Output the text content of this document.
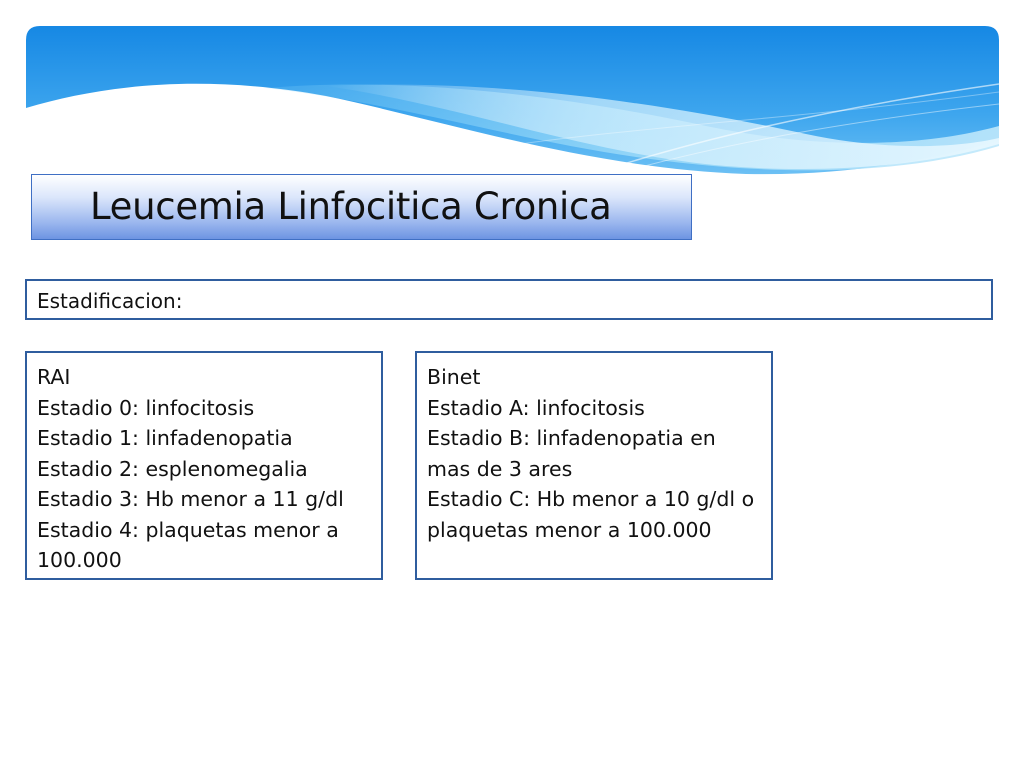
Leucemia Linfocitica Cronica
Estadificacion:
RAI
Estadio 0: linfocitosis
Estadio 1: linfadenopatia
Estadio 2: esplenomegalia
Estadio 3: Hb menor a 11 g/dl
Estadio 4: plaquetas menor a
100.000
Binet
Estadio A: linfocitosis
Estadio B: linfadenopatia en
mas de 3 ares
Estadio C: Hb menor a 10 g/dl o
plaquetas menor a 100.000
